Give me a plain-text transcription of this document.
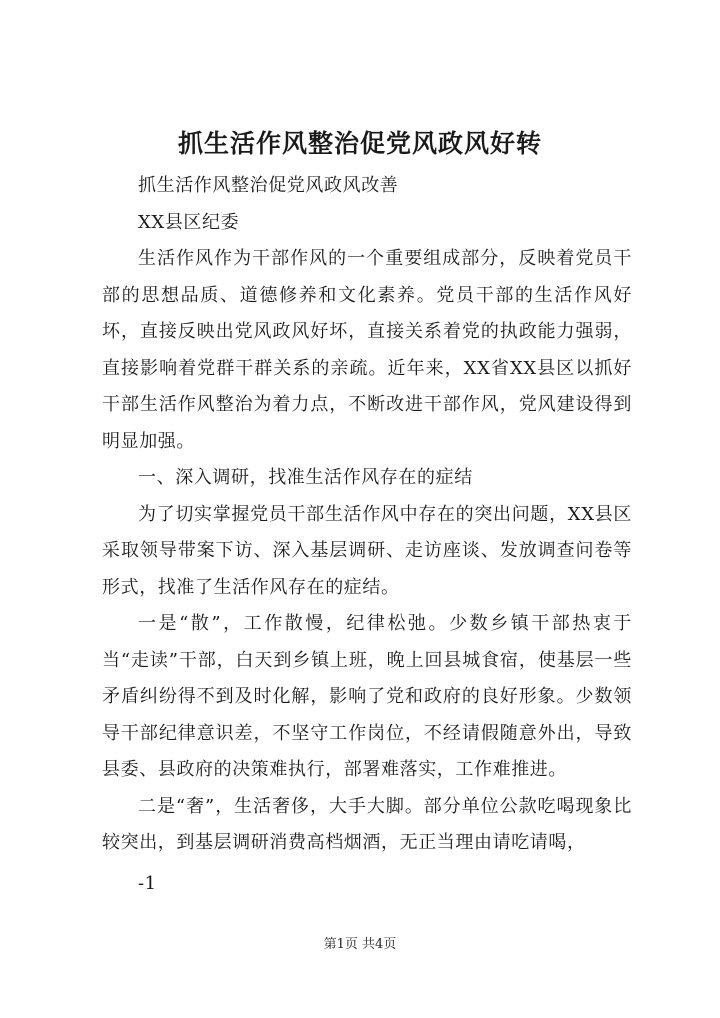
抓生活作风整治促党风政风好转

抓生活作风整治促党风政风改善

XX县区纪委

生活作风作为干部作风的一个重要组成部分，反映着党员干部的思想品质、道德修养和文化素养。党员干部的生活作风好坏，直接反映出党风政风好坏，直接关系着党的执政能力强弱，直接影响着党群干群关系的亲疏。近年来，XX省XX县区以抓好干部生活作风整治为着力点，不断改进干部作风，党风建设得到明显加强。

一、深入调研，找准生活作风存在的症结

为了切实掌握党员干部生活作风中存在的突出问题，XX县区采取领导带案下访、深入基层调研、走访座谈、发放调查问卷等形式，找准了生活作风存在的症结。

一是“散”，工作散慢，纪律松弛。少数乡镇干部热衷于当“走读”干部，白天到乡镇上班，晚上回县城食宿，使基层一些矛盾纠纷得不到及时化解，影响了党和政府的良好形象。少数领导干部纪律意识差，不坚守工作岗位，不经请假随意外出，导致县委、县政府的决策难执行，部署难落实，工作难推进。

二是“奢”，生活奢侈，大手大脚。部分单位公款吃喝现象比较突出，到基层调研消费高档烟酒，无正当理由请吃请喝，

-1

第1页 共4页
